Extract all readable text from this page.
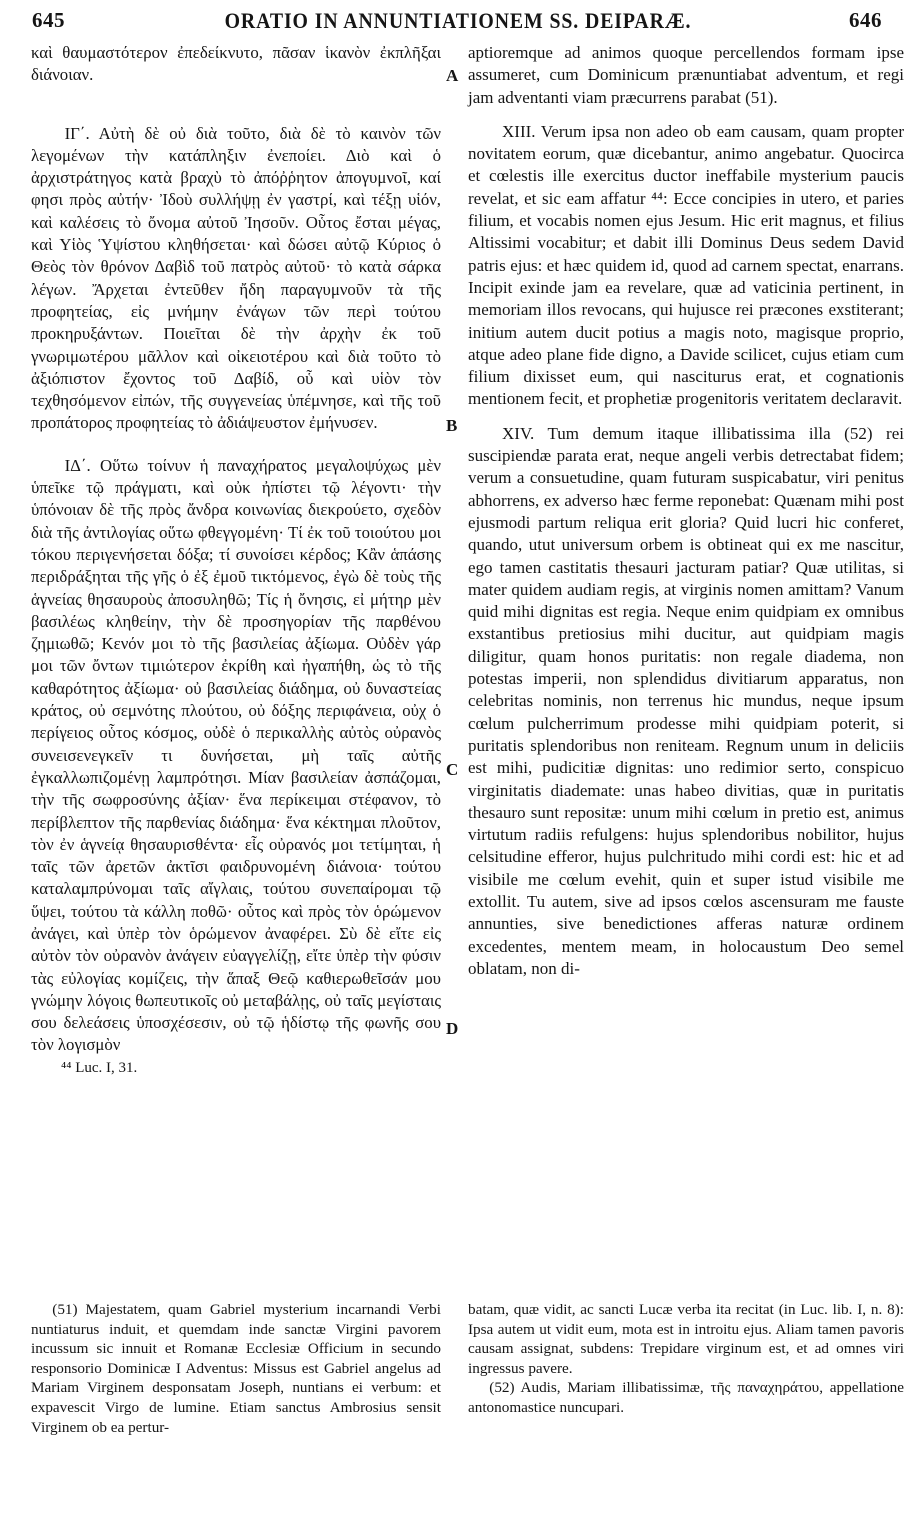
645	ORATIO IN ANNUNTIATIONEM SS. DEIPARÆ.	646
A
B
C
D

καὶ θαυμαστότερον ἐπεδείκνυτο, πᾶσαν ἱκανὸν ἐκπλῆξαι διάνοιαν.

ΙΓ΄. Αὐτὴ δὲ οὐ διὰ τοῦτο, διὰ δὲ τὸ καινὸν τῶν λεγομένων τὴν κατάπληξιν ἐνεποίει. Διὸ καὶ ὁ ἀρχιστράτηγος κατὰ βραχὺ τὸ ἀπόῤῥητον ἀπογυμνοῖ, καί φησι πρὸς αὐτήν· Ἰδοὺ συλλήψῃ ἐν γαστρί, καὶ τέξῃ υἱόν, καὶ καλέσεις τὸ ὄνομα αὐτοῦ Ἰησοῦν. Οὗτος ἔσται μέγας, καὶ Υἱὸς Ὑψίστου κληθήσεται· καὶ δώσει αὐτῷ Κύριος ὁ Θεὸς τὸν θρόνον Δαβὶδ τοῦ πατρὸς αὐτοῦ· τὸ κατὰ σάρκα λέγων. Ἄρχεται ἐντεῦθεν ἤδη παραγυμνοῦν τὰ τῆς προφητείας, εἰς μνήμην ἐνάγων τῶν περὶ τούτου προκηρυξάντων. Ποιεῖται δὲ τὴν ἀρχὴν ἐκ τοῦ γνωριμωτέρου μᾶλλον καὶ οἰκειοτέρου καὶ διὰ τοῦτο τὸ ἀξιόπιστον ἔχοντος τοῦ Δαβίδ, οὗ καὶ υἱὸν τὸν τεχθησόμενον εἰπών, τῆς συγγενείας ὑπέμνησε, καὶ τῆς τοῦ προπάτορος προφητείας τὸ ἀδιάψευστον ἐμήνυσεν.

ΙΔ΄. Οὕτω τοίνυν ἡ παναχήρατος μεγαλοψύχως μὲν ὑπεῖκε τῷ πράγματι, καὶ οὐκ ἠπίστει τῷ λέγοντι· τὴν ὑπόνοιαν δὲ τῆς πρὸς ἄνδρα κοινωνίας διεκρούετο, σχεδὸν διὰ τῆς ἀντιλογίας οὕτω φθεγγομένη· Τί ἐκ τοῦ τοιούτου μοι τόκου περιγενήσεται δόξα; τί συνοίσει κέρδος; Κἂν ἁπάσης περιδράξηται τῆς γῆς ὁ ἐξ ἐμοῦ τικτόμενος, ἐγὼ δὲ τοὺς τῆς ἁγνείας θησαυροὺς ἀποσυληθῶ; Τίς ἡ ὄνησις, εἰ μήτηρ μὲν βασιλέως κληθείην, τὴν δὲ προσηγορίαν τῆς παρθένου ζημιωθῶ; Κενόν μοι τὸ τῆς βασιλείας ἀξίωμα. Οὐδὲν γάρ μοι τῶν ὄντων τιμιώτερον ἐκρίθη καὶ ἠγαπήθη, ὡς τὸ τῆς καθαρότητος ἀξίωμα· οὐ βασιλείας διάδημα, οὐ δυναστείας κράτος, οὐ σεμνότης πλούτου, οὐ δόξης περιφάνεια, οὐχ ὁ περίγειος οὗτος κόσμος, οὐδὲ ὁ περικαλλὴς αὐτὸς οὐρανὸς συνεισενεγκεῖν τι δυνήσεται, μὴ ταῖς αὐτῆς ἐγκαλλωπιζομένῃ λαμπρότησι. Μίαν βασιλείαν ἀσπάζομαι, τὴν τῆς σωφροσύνης ἀξίαν· ἕνα περίκειμαι στέφανον, τὸ περίβλεπτον τῆς παρθενίας διάδημα· ἕνα κέκτημαι πλοῦτον, τὸν ἐν ἁγνείᾳ θησαυρισθέντα· εἷς οὐρανός μοι τετίμηται, ἡ ταῖς τῶν ἀρετῶν ἀκτῖσι φαιδρυνομένη διάνοια· τούτου καταλαμπρύνομαι ταῖς αἴγλαις, τούτου συνεπαίρομαι τῷ ὕψει, τούτου τὰ κάλλη ποθῶ· οὗτος καὶ πρὸς τὸν ὁρώμενον ἀνάγει, καὶ ὑπὲρ τὸν ὁρώμενον ἀναφέρει. Σὺ δὲ εἴτε εἰς αὐτὸν τὸν οὐρανὸν ἀνάγειν εὐαγγελίζῃ, εἴτε ὑπὲρ τὴν φύσιν τὰς εὐλογίας κομίζεις, τὴν ἅπαξ Θεῷ καθιερωθεῖσάν μου γνώμην λόγοις θωπευτικοῖς οὐ μεταβάλῃς, οὐ ταῖς μεγίσταις σου δελεάσεις ὑποσχέσεσιν, οὐ τῷ ἡδίστῳ τῆς φωνῆς σου τὸν λογισμὸν

⁴⁴ Luc. I, 31.

aptioremque ad animos quoque percellendos formam ipse assumeret, cum Dominicum prænuntiabat adventum, et regi jam adventanti viam præcurrens parabat (51).

XIII. Verum ipsa non adeo ob eam causam, quam propter novitatem eorum, quæ dicebantur, animo angebatur. Quocirca et cœlestis ille exercitus ductor ineffabile mysterium paucis revelat, et sic eam affatur ⁴⁴: Ecce concipies in utero, et paries filium, et vocabis nomen ejus Jesum. Hic erit magnus, et filius Altissimi vocabitur; et dabit illi Dominus Deus sedem David patris ejus: et hæc quidem id, quod ad carnem spectat, enarrans. Incipit exinde jam ea revelare, quæ ad vaticinia pertinent, in memoriam illos revocans, qui hujusce rei præcones exstiterant; initium autem ducit potius a magis noto, magisque proprio, atque adeo plane fide digno, a Davide scilicet, cujus etiam cum filium dixisset eum, qui nasciturus erat, et cognationis mentionem fecit, et prophetiæ progenitoris veritatem declaravit.

XIV. Tum demum itaque illibatissima illa (52) rei suscipiendæ parata erat, neque angeli verbis detrectabat fidem; verum a consuetudine, quam futuram suspicabatur, viri penitus abhorrens, ex adverso hæc ferme reponebat: Quænam mihi post ejusmodi partum reliqua erit gloria? Quid lucri hic conferet, quando, utut universum orbem is obtineat qui ex me nascitur, ego tamen castitatis thesauri jacturam patiar? Quæ utilitas, si mater quidem audiam regis, at virginis nomen amittam? Vanum quid mihi dignitas est regia. Neque enim quidpiam ex omnibus exstantibus pretiosius mihi ducitur, aut quidpiam magis diligitur, quam honos puritatis: non regale diadema, non potestas imperii, non splendidus divitiarum apparatus, non celebritas nominis, non terrenus hic mundus, neque ipsum cœlum pulcherrimum prodesse mihi quidpiam poterit, si puritatis splendoribus non reniteam. Regnum unum in deliciis est mihi, pudicitiæ dignitas: uno redimior serto, conspicuo virginitatis diademate: unas habeo divitias, quæ in puritatis thesauro sunt repositæ: unum mihi cœlum in pretio est, animus virtutum radiis refulgens: hujus splendoribus nobilitor, hujus celsitudine efferor, hujus pulchritudo mihi cordi est: hic et ad visibile me cœlum evehit, quin et super istud visibile me extollit. Tu autem, sive ad ipsos cœlos ascensuram me fauste annunties, sive benedictiones afferas naturæ ordinem excedentes, mentem meam, in holocaustum Deo semel oblatam, non di-

(51) Majestatem, quam Gabriel mysterium incarnandi Verbi nuntiaturus induit, et quemdam inde sanctæ Virgini pavorem incussum sic innuit et Romanæ Ecclesiæ Officium in secundo responsorio Dominicæ I Adventus: Missus est Gabriel angelus ad Mariam Virginem desponsatam Joseph, nuntians ei verbum: et expavescit Virgo de lumine. Etiam sanctus Ambrosius sensit Virginem ob ea pertur-

batam, quæ vidit, ac sancti Lucæ verba ita recitat (in Luc. lib. I, n. 8): Ipsa autem ut vidit eum, mota est in introitu ejus. Aliam tamen pavoris causam assignat, subdens: Trepidare virginum est, et ad omnes viri ingressus pavere.

(52) Audis, Mariam illibatissimæ, τῆς παναχηράτου, appellatione antonomastice nuncupari.
